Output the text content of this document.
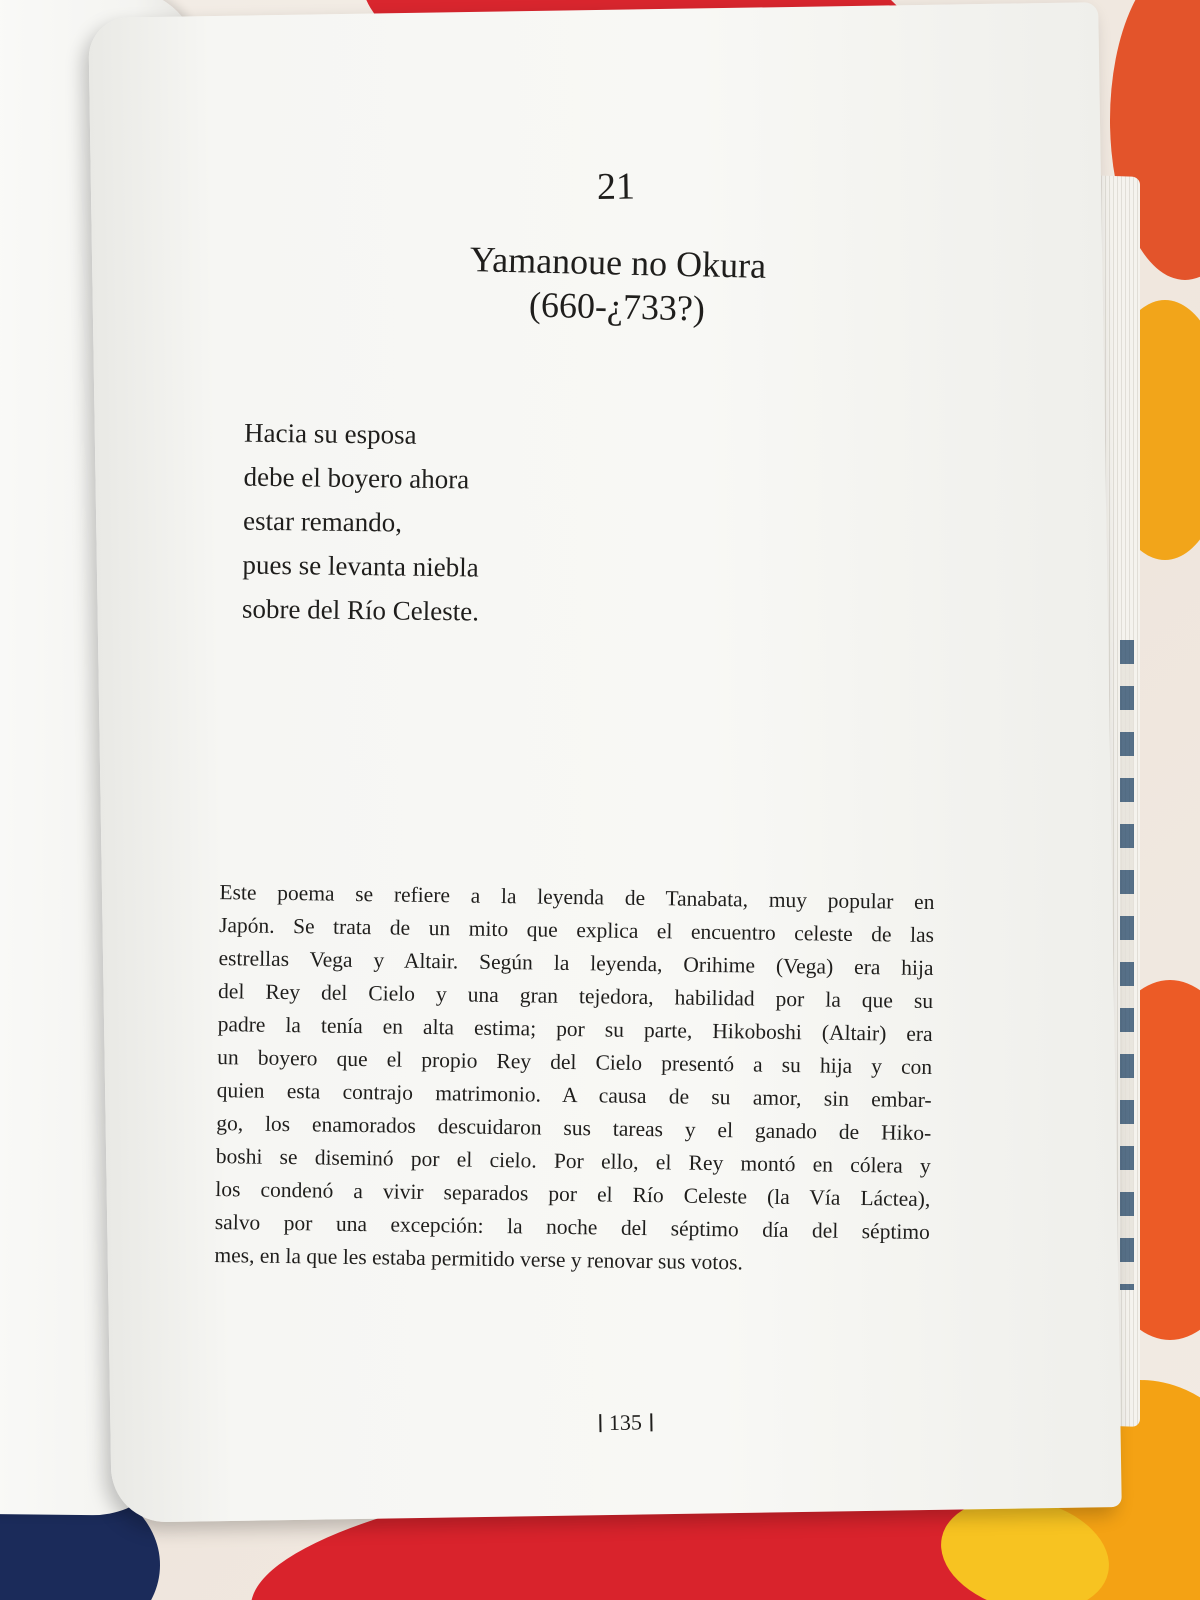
21
Yamanoue no Okura
(660-¿733?)
Hacia su esposa
debe el boyero ahora
estar remando,
pues se levanta niebla
sobre del Río Celeste.
Este poema se refiere a la leyenda de Tanabata, muy popular en
Japón. Se trata de un mito que explica el encuentro celeste de las
estrellas Vega y Altair. Según la leyenda, Orihime (Vega) era hija
del Rey del Cielo y una gran tejedora, habilidad por la que su
padre la tenía en alta estima; por su parte, Hikoboshi (Altair) era
un boyero que el propio Rey del Cielo presentó a su hija y con
quien esta contrajo matrimonio. A causa de su amor, sin embar-
go, los enamorados descuidaron sus tareas y el ganado de Hiko-
boshi se diseminó por el cielo. Por ello, el Rey montó en cólera y
los condenó a vivir separados por el Río Celeste (la Vía Láctea),
salvo por una excepción: la noche del séptimo día del séptimo
mes, en la que les estaba permitido verse y renovar sus votos.
135
